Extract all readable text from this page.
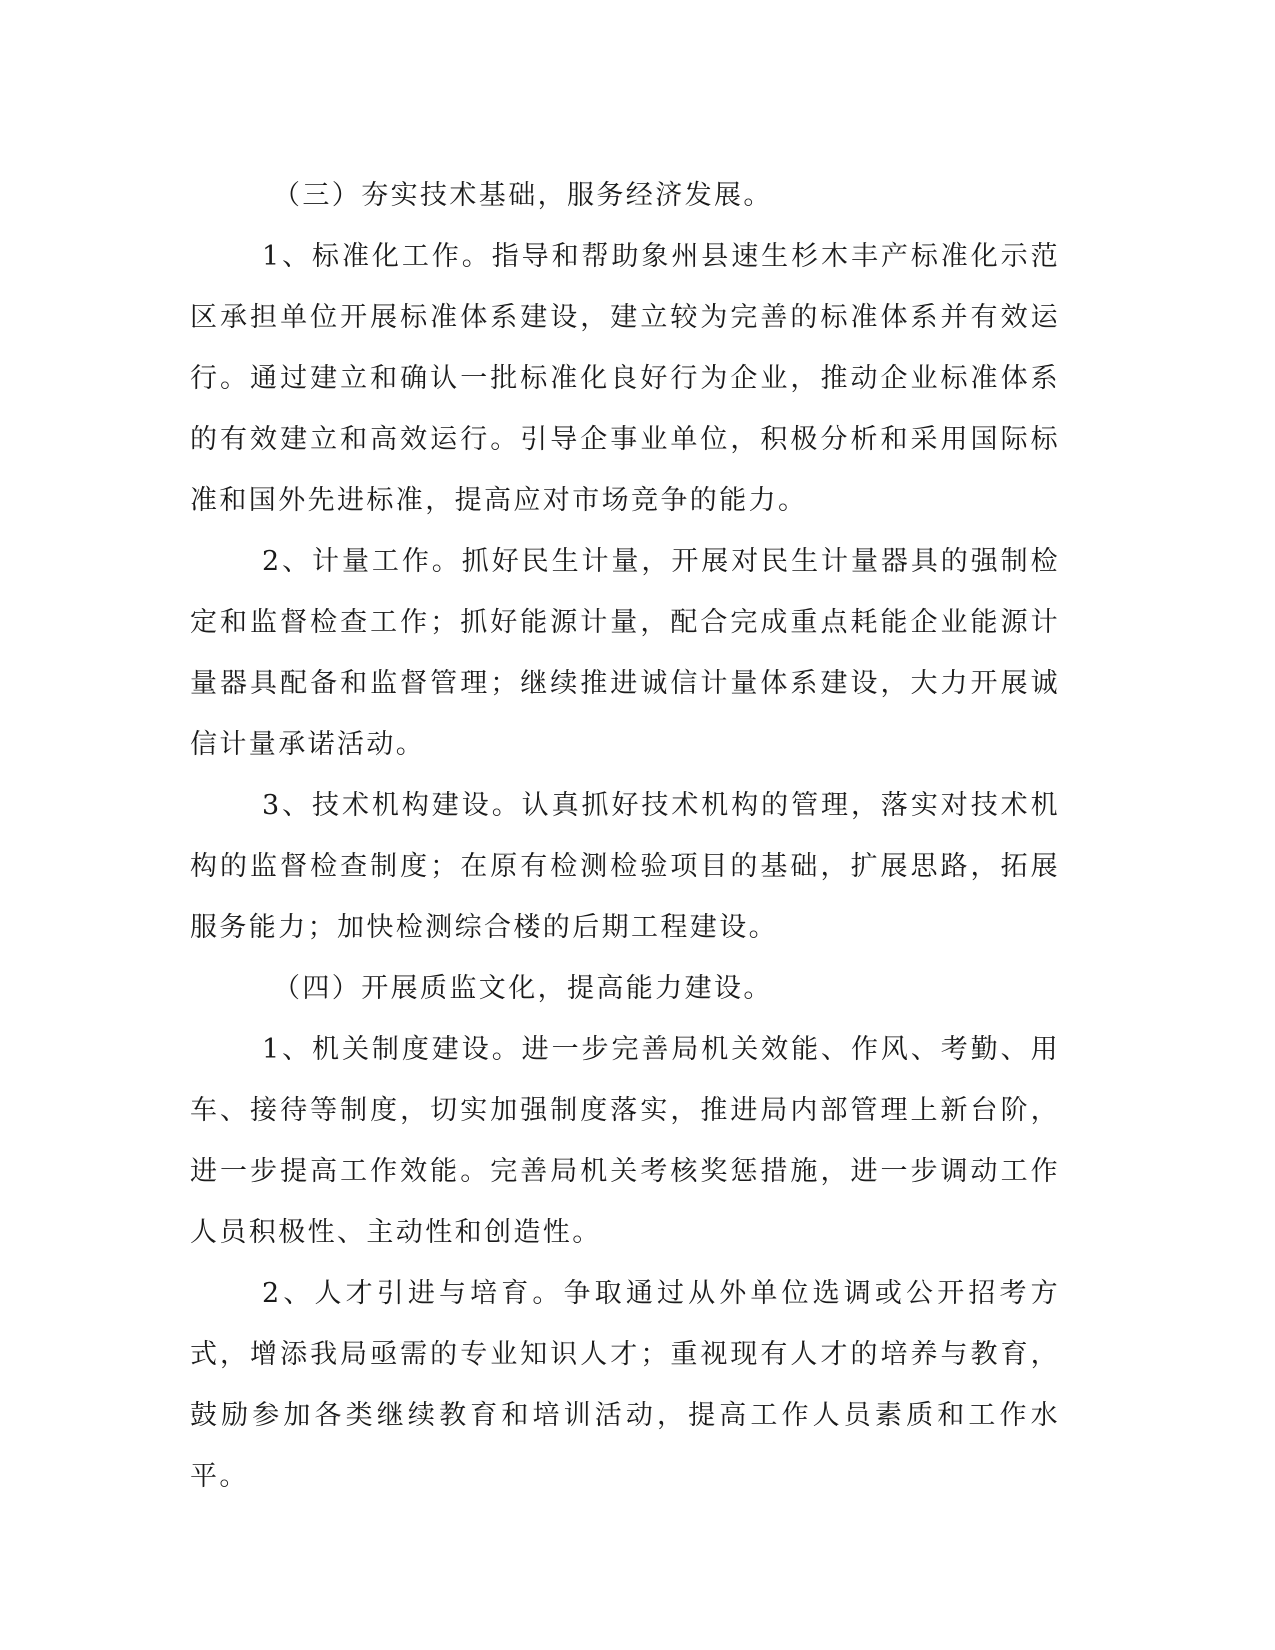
（三）夯实技术基础，服务经济发展。

1、标准化工作。指导和帮助象州县速生杉木丰产标准化示范区承担单位开展标准体系建设，建立较为完善的标准体系并有效运行。通过建立和确认一批标准化良好行为企业，推动企业标准体系的有效建立和高效运行。引导企事业单位，积极分析和采用国际标准和国外先进标准，提高应对市场竞争的能力。

2、计量工作。抓好民生计量，开展对民生计量器具的强制检定和监督检查工作；抓好能源计量，配合完成重点耗能企业能源计量器具配备和监督管理；继续推进诚信计量体系建设，大力开展诚信计量承诺活动。

3、技术机构建设。认真抓好技术机构的管理，落实对技术机构的监督检查制度；在原有检测检验项目的基础，扩展思路，拓展服务能力；加快检测综合楼的后期工程建设。

（四）开展质监文化，提高能力建设。

1、机关制度建设。进一步完善局机关效能、作风、考勤、用车、接待等制度，切实加强制度落实，推进局内部管理上新台阶，进一步提高工作效能。完善局机关考核奖惩措施，进一步调动工作人员积极性、主动性和创造性。

2、人才引进与培育。争取通过从外单位选调或公开招考方式，增添我局亟需的专业知识人才；重视现有人才的培养与教育，鼓励参加各类继续教育和培训活动，提高工作人员素质和工作水平。
